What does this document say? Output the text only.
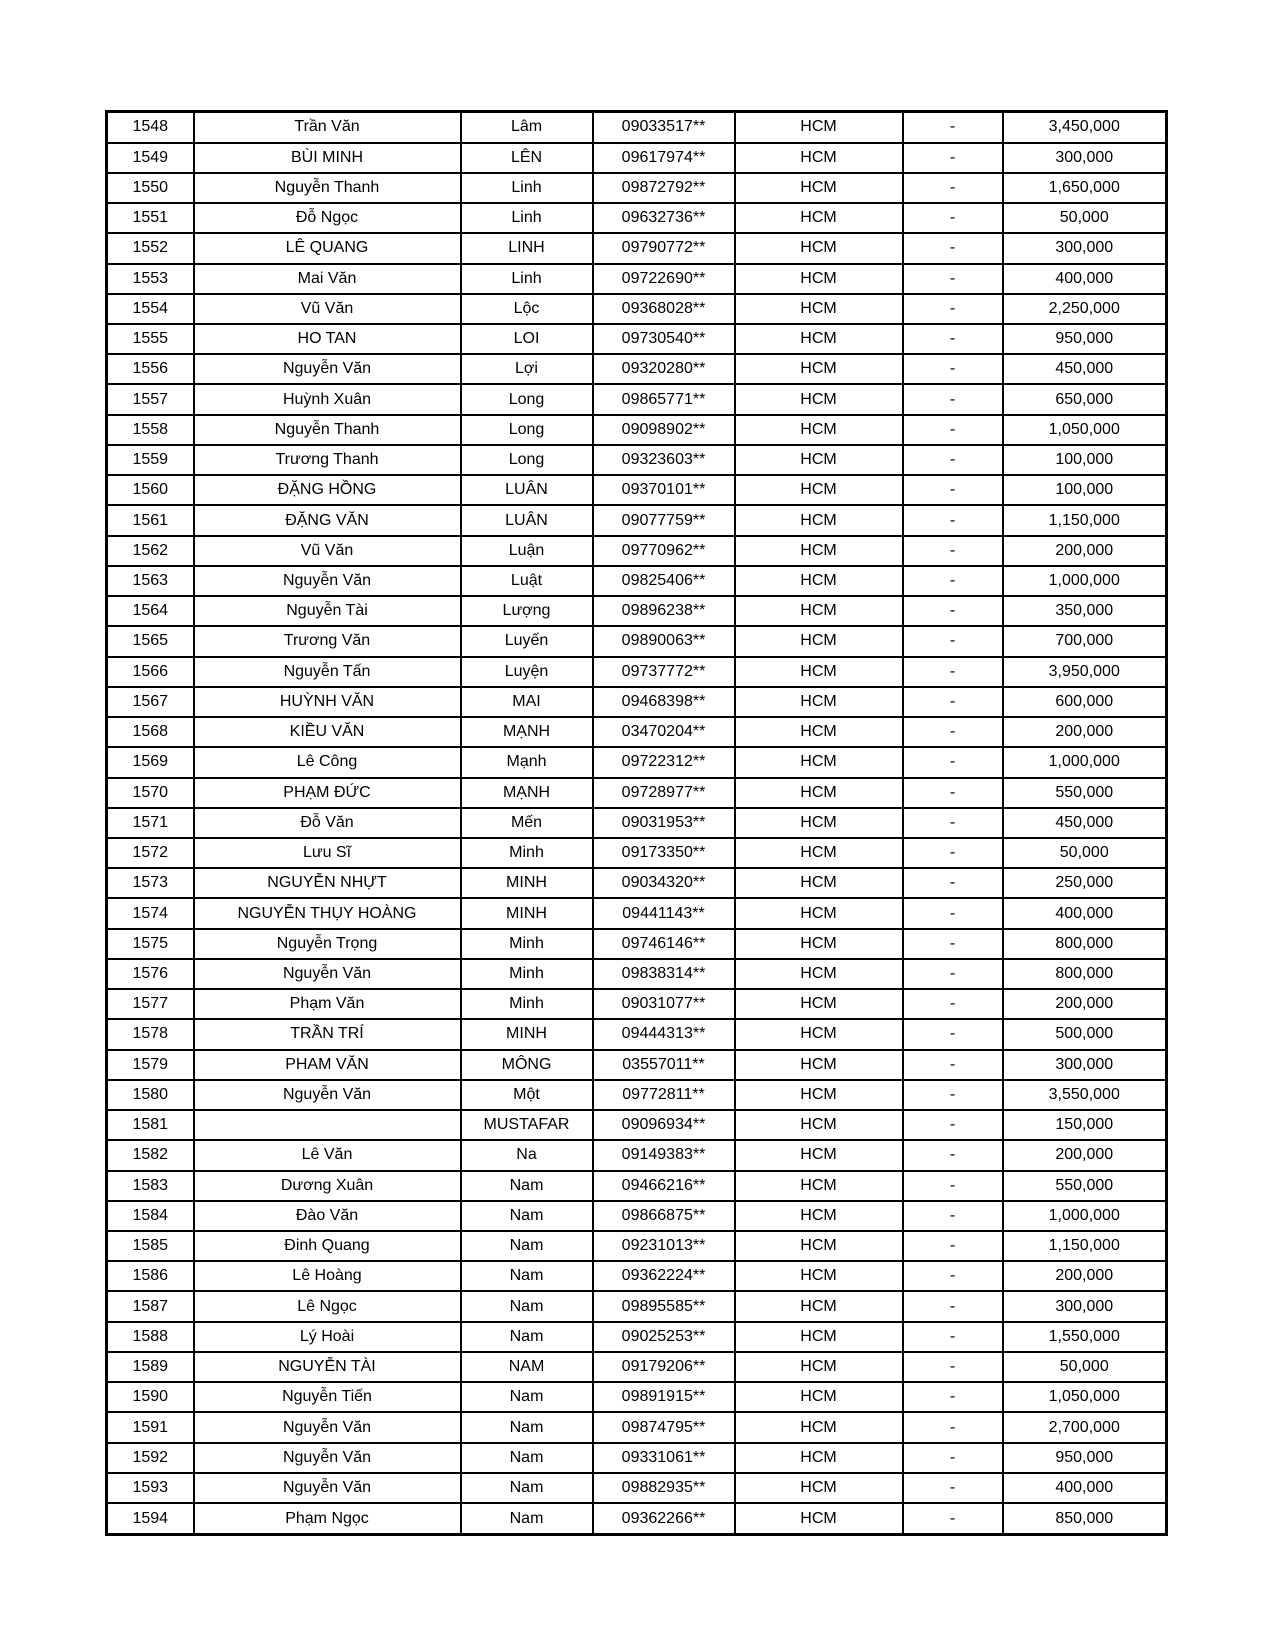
1548	Trần Văn	Lâm	09033517**	HCM	-	3,450,000
1549	BÙI MINH	LÊN	09617974**	HCM	-	300,000
1550	Nguyễn Thanh	Linh	09872792**	HCM	-	1,650,000
1551	Đỗ Ngọc	Linh	09632736**	HCM	-	50,000
1552	LÊ QUANG	LINH	09790772**	HCM	-	300,000
1553	Mai Văn	Linh	09722690**	HCM	-	400,000
1554	Vũ Văn	Lộc	09368028**	HCM	-	2,250,000
1555	HO TAN	LOI	09730540**	HCM	-	950,000
1556	Nguyễn Văn	Lợi	09320280**	HCM	-	450,000
1557	Huỳnh Xuân	Long	09865771**	HCM	-	650,000
1558	Nguyễn Thanh	Long	09098902**	HCM	-	1,050,000
1559	Trương Thanh	Long	09323603**	HCM	-	100,000
1560	ĐẶNG HỒNG	LUÂN	09370101**	HCM	-	100,000
1561	ĐẶNG VĂN	LUÂN	09077759**	HCM	-	1,150,000
1562	Vũ Văn	Luận	09770962**	HCM	-	200,000
1563	Nguyễn Văn	Luật	09825406**	HCM	-	1,000,000
1564	Nguyễn Tài	Lượng	09896238**	HCM	-	350,000
1565	Trương Văn	Luyến	09890063**	HCM	-	700,000
1566	Nguyễn Tấn	Luyện	09737772**	HCM	-	3,950,000
1567	HUỲNH VĂN	MAI	09468398**	HCM	-	600,000
1568	KIỀU VĂN	MẠNH	03470204**	HCM	-	200,000
1569	Lê Công	Mạnh	09722312**	HCM	-	1,000,000
1570	PHẠM ĐỨC	MẠNH	09728977**	HCM	-	550,000
1571	Đỗ Văn	Mến	09031953**	HCM	-	450,000
1572	Lưu Sĩ	Minh	09173350**	HCM	-	50,000
1573	NGUYỄN NHỰT	MINH	09034320**	HCM	-	250,000
1574	NGUYỄN THỤY HOÀNG	MINH	09441143**	HCM	-	400,000
1575	Nguyễn Trọng	Minh	09746146**	HCM	-	800,000
1576	Nguyễn Văn	Minh	09838314**	HCM	-	800,000
1577	Phạm Văn	Minh	09031077**	HCM	-	200,000
1578	TRẦN TRÍ	MINH	09444313**	HCM	-	500,000
1579	PHAM VĂN	MÔNG	03557011**	HCM	-	300,000
1580	Nguyễn Văn	Một	09772811**	HCM	-	3,550,000
1581		MUSTAFAR	09096934**	HCM	-	150,000
1582	Lê Văn	Na	09149383**	HCM	-	200,000
1583	Dương Xuân	Nam	09466216**	HCM	-	550,000
1584	Đào Văn	Nam	09866875**	HCM	-	1,000,000
1585	Đinh Quang	Nam	09231013**	HCM	-	1,150,000
1586	Lê Hoàng	Nam	09362224**	HCM	-	200,000
1587	Lê Ngọc	Nam	09895585**	HCM	-	300,000
1588	Lý Hoài	Nam	09025253**	HCM	-	1,550,000
1589	NGUYỄN TÀI	NAM	09179206**	HCM	-	50,000
1590	Nguyễn Tiến	Nam	09891915**	HCM	-	1,050,000
1591	Nguyễn Văn	Nam	09874795**	HCM	-	2,700,000
1592	Nguyễn Văn	Nam	09331061**	HCM	-	950,000
1593	Nguyễn Văn	Nam	09882935**	HCM	-	400,000
1594	Phạm Ngọc	Nam	09362266**	HCM	-	850,000
